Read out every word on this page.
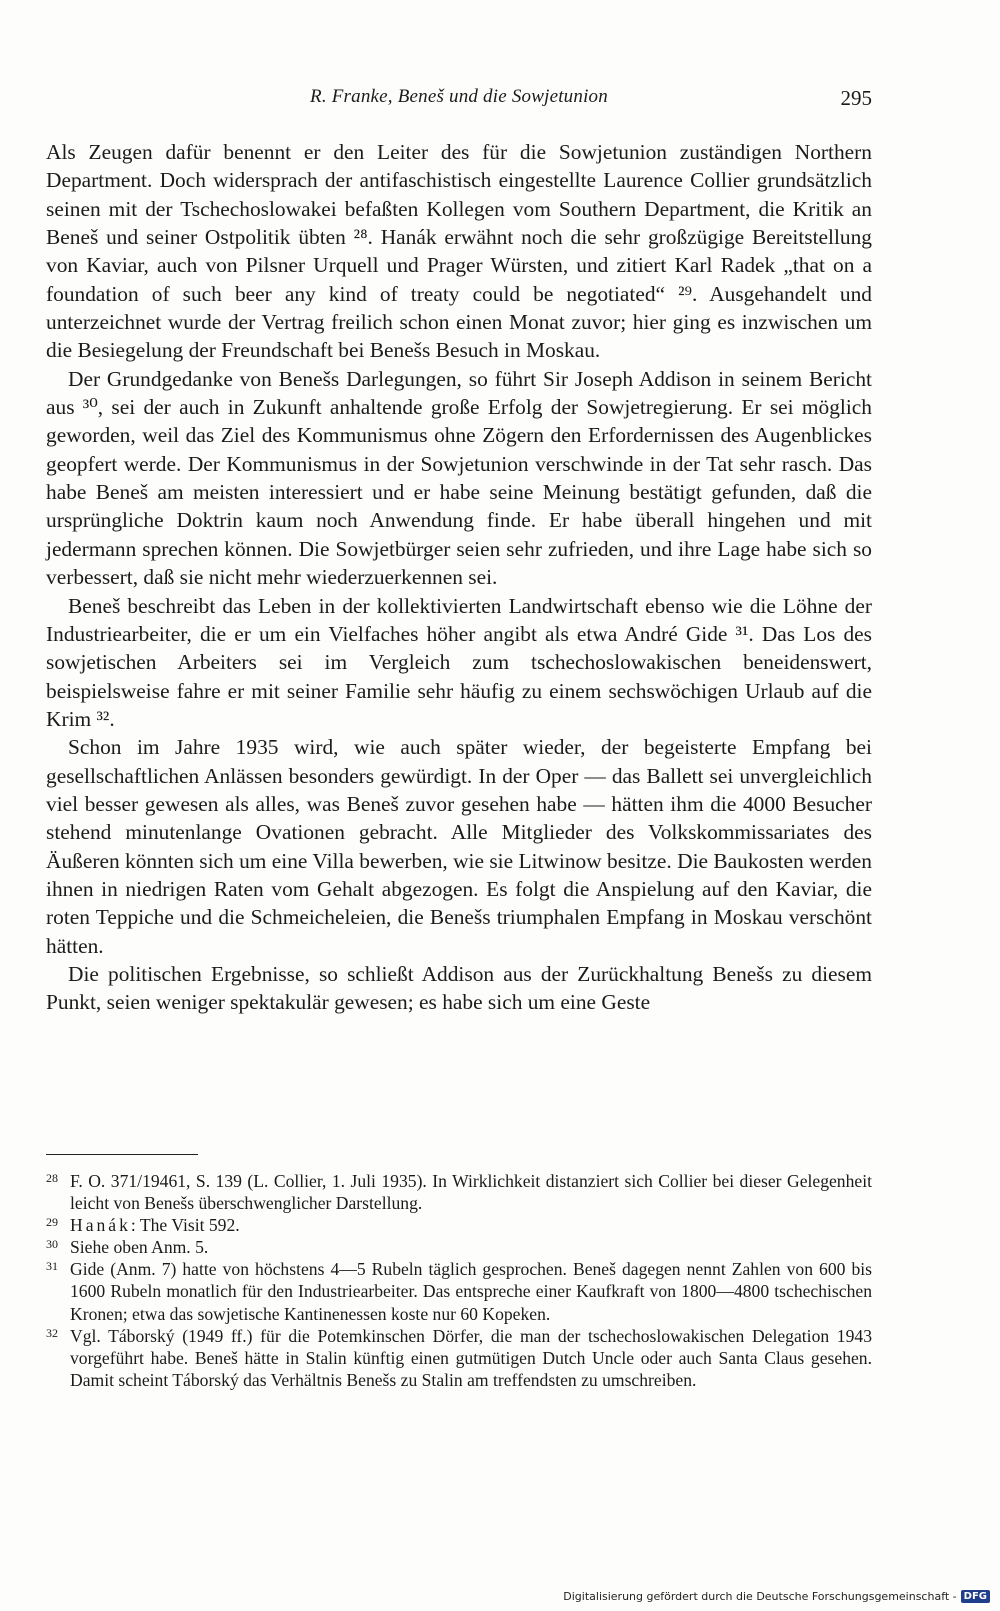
R. Franke, Beneš und die Sowjetunion	295

Als Zeugen dafür benennt er den Leiter des für die Sowjetunion zuständigen Northern Department. Doch widersprach der antifaschistisch eingestellte Laurence Collier grundsätzlich seinen mit der Tschechoslowakei befaßten Kollegen vom Southern Department, die Kritik an Beneš und seiner Ostpolitik übten ²⁸. Hanák erwähnt noch die sehr großzügige Bereitstellung von Kaviar, auch von Pilsner Urquell und Prager Würsten, und zitiert Karl Radek „that on a foundation of such beer any kind of treaty could be negotiated“ ²⁹. Ausgehandelt und unterzeichnet wurde der Vertrag freilich schon einen Monat zuvor; hier ging es inzwischen um die Besiegelung der Freundschaft bei Benešs Besuch in Moskau.

Der Grundgedanke von Benešs Darlegungen, so führt Sir Joseph Addison in seinem Bericht aus ³⁰, sei der auch in Zukunft anhaltende große Erfolg der Sowjetregierung. Er sei möglich geworden, weil das Ziel des Kommunismus ohne Zögern den Erfordernissen des Augenblickes geopfert werde. Der Kommunismus in der Sowjetunion verschwinde in der Tat sehr rasch. Das habe Beneš am meisten interessiert und er habe seine Meinung bestätigt gefunden, daß die ursprüngliche Doktrin kaum noch Anwendung finde. Er habe überall hingehen und mit jedermann sprechen können. Die Sowjetbürger seien sehr zufrieden, und ihre Lage habe sich so verbessert, daß sie nicht mehr wiederzuerkennen sei.

Beneš beschreibt das Leben in der kollektivierten Landwirtschaft ebenso wie die Löhne der Industriearbeiter, die er um ein Vielfaches höher angibt als etwa André Gide ³¹. Das Los des sowjetischen Arbeiters sei im Vergleich zum tschechoslowakischen beneidenswert, beispielsweise fahre er mit seiner Familie sehr häufig zu einem sechswöchigen Urlaub auf die Krim ³².

Schon im Jahre 1935 wird, wie auch später wieder, der begeisterte Empfang bei gesellschaftlichen Anlässen besonders gewürdigt. In der Oper — das Ballett sei unvergleichlich viel besser gewesen als alles, was Beneš zuvor gesehen habe — hätten ihm die 4000 Besucher stehend minutenlange Ovationen gebracht. Alle Mitglieder des Volkskommissariates des Äußeren könnten sich um eine Villa bewerben, wie sie Litwinow besitze. Die Baukosten werden ihnen in niedrigen Raten vom Gehalt abgezogen. Es folgt die Anspielung auf den Kaviar, die roten Teppiche und die Schmeicheleien, die Benešs triumphalen Empfang in Moskau verschönt hätten.

Die politischen Ergebnisse, so schließt Addison aus der Zurückhaltung Benešs zu diesem Punkt, seien weniger spektakulär gewesen; es habe sich um eine Geste

28 F. O. 371/19461, S. 139 (L. Collier, 1. Juli 1935). In Wirklichkeit distanziert sich Collier bei dieser Gelegenheit leicht von Benešs überschwenglicher Darstellung.
29 Hanák: The Visit 592.
30 Siehe oben Anm. 5.
31 Gide (Anm. 7) hatte von höchstens 4—5 Rubeln täglich gesprochen. Beneš dagegen nennt Zahlen von 600 bis 1600 Rubeln monatlich für den Industriearbeiter. Das entspreche einer Kaufkraft von 1800—4800 tschechischen Kronen; etwa das sowjetische Kantinenessen koste nur 60 Kopeken.
32 Vgl. Táborský (1949 ff.) für die Potemkinschen Dörfer, die man der tschechoslowakischen Delegation 1943 vorgeführt habe. Beneš hätte in Stalin künftig einen gutmütigen Dutch Uncle oder auch Santa Claus gesehen. Damit scheint Táborský das Verhältnis Benešs zu Stalin am treffendsten zu umschreiben.
Digitalisierung gefördert durch die Deutsche Forschungsgemeinschaft - DFG
